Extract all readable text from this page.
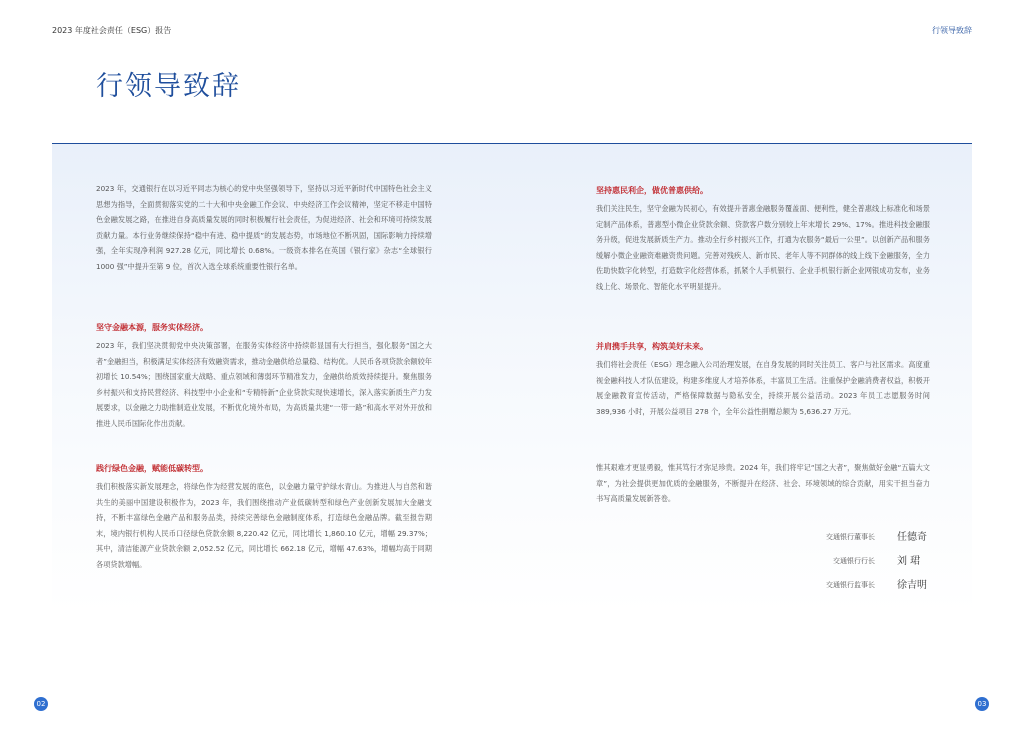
2023 年度社会责任（ESG）报告	行领导致辞
行领导致辞
2023 年，交通银行在以习近平同志为核心的党中央坚强领导下，坚持以习近平新时代中国特色社会主义思想为指导，全面贯彻落实党的二十大和中央金融工作会议、中央经济工作会议精神，坚定不移走中国特色金融发展之路，在推进自身高质量发展的同时积极履行社会责任，为促进经济、社会和环境可持续发展贡献力量。本行业务继续保持“稳中有进、稳中提质”的发展态势，市场地位不断巩固，国际影响力持续增强，全年实现净利润 927.28 亿元，同比增长 0.68%。一级资本排名在英国《银行家》杂志“全球银行 1000 强”中提升至第 9 位，首次入选全球系统重要性银行名单。
坚守金融本源，服务实体经济。
2023 年，我们坚决贯彻党中央决策部署，在服务实体经济中持续彰显国有大行担当，强化服务“国之大者”金融担当，积极满足实体经济有效融资需求，推动金融供给总量稳、结构优。人民币各项贷款余额较年初增长 10.54%；围绕国家重大战略、重点领域和薄弱环节精准发力，金融供给质效持续提升。聚焦服务乡村振兴和支持民营经济、科技型中小企业和“专精特新”企业贷款实现快速增长，深入落实新质生产力发展要求，以金融之力助推制造业发展，不断优化境外布局，为高质量共建“一带一路”和高水平对外开放和推进人民币国际化作出贡献。
践行绿色金融，赋能低碳转型。
我们积极落实新发展理念，将绿色作为经营发展的底色，以金融力量守护绿水青山。为推进人与自然和谐共生的美丽中国建设积极作为，2023 年，我们围绕推动产业低碳转型和绿色产业创新发展加大金融支持，不断丰富绿色金融产品和服务品类，持续完善绿色金融制度体系，打造绿色金融品牌。截至报告期末，境内银行机构人民币口径绿色贷款余额 8,220.42 亿元，同比增长 1,860.10 亿元，增幅 29.37%；其中，清洁能源产业贷款余额 2,052.52 亿元，同比增长 662.18 亿元，增幅 47.63%，增幅均高于同期各项贷款增幅。
坚持惠民利企，做优普惠供给。
我们关注民生，坚守金融为民初心，有效提升普惠金融服务覆盖面、便利性，健全普惠线上标准化和场景定制产品体系，普惠型小微企业贷款余额、贷款客户数分别较上年末增长 29%、17%。推进科技金融服务升级，促进发展新质生产力。推动全行乡村振兴工作，打通为农服务“最后一公里”。以创新产品和服务缓解小微企业融资难融资贵问题。完善对残疾人、新市民、老年人等不同群体的线上线下金融服务，全力佐助快数字化转型，打造数字化经营体系，抓紧个人手机银行、企业手机银行新企业网银成功发布，业务线上化、场景化、智能化水平明显提升。
并肩携手共享，构筑美好未来。
我们将社会责任（ESG）理念融入公司治理发展，在自身发展的同时关注员工、客户与社区需求。高度重视金融科技人才队伍建设，构建多维度人才培养体系，丰富员工生活。注重保护金融消费者权益，积极开展金融教育宣传活动，严格保障数据与隐私安全，持续开展公益活动。2023 年员工志愿服务时间 389,936 小时，开展公益项目 278 个，全年公益性捐赠总额为 5,636.27 万元。
惟其艰难才更显勇毅，惟其笃行才弥足珍贵。2024 年，我们将牢记“国之大者”，聚焦做好金融“五篇大文章”，为社会提供更加优质的金融服务，不断提升在经济、社会、环境领域的综合贡献，用实干担当奋力书写高质量发展新答卷。
交通银行董事长 任德奇
交通银行行长 刘 珺
交通银行监事长 徐吉明
02	03
